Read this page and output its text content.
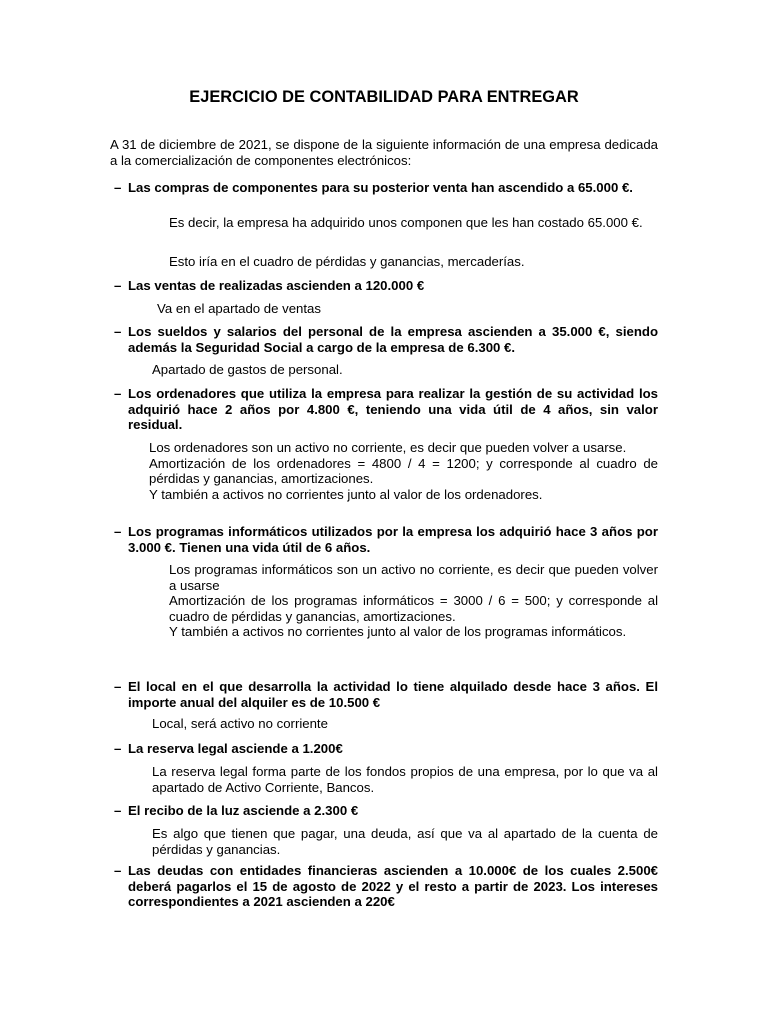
EJERCICIO DE CONTABILIDAD PARA ENTREGAR
A 31 de diciembre de 2021, se dispone de la siguiente información de una empresa dedicada a la comercialización de componentes electrónicos:
– Las compras de componentes para su posterior venta han ascendido a 65.000 €.

Es decir, la empresa ha adquirido unos componen que les han costado 65.000 €.

Esto iría en el cuadro de pérdidas y ganancias, mercaderías.

– Las ventas de realizadas ascienden a 120.000 €

Va en el apartado de ventas

– Los sueldos y salarios del personal de la empresa ascienden a 35.000 €, siendo además la Seguridad Social a cargo de la empresa de 6.300 €.

Apartado de gastos de personal.

– Los ordenadores que utiliza la empresa para realizar la gestión de su actividad los adquirió hace 2 años por 4.800 €, teniendo una vida útil de 4 años, sin valor residual.

Los ordenadores son un activo no corriente, es decir que pueden volver a usarse.

Amortización de los ordenadores = 4800 / 4 = 1200; y corresponde al cuadro de pérdidas y ganancias, amortizaciones.

Y también a activos no corrientes junto al valor de los ordenadores.

– Los programas informáticos utilizados por la empresa los adquirió hace 3 años por 3.000 €. Tienen una vida útil de 6 años.

Los programas informáticos son un activo no corriente, es decir que pueden volver a usarse

Amortización de los programas informáticos = 3000 / 6 = 500; y corresponde al cuadro de pérdidas y ganancias, amortizaciones.

Y también a activos no corrientes junto al valor de los programas informáticos.

– El local en el que desarrolla la actividad lo tiene alquilado desde hace 3 años. El importe anual del alquiler es de 10.500 €

Local, será activo no corriente

– La reserva legal asciende a 1.200€

La reserva legal forma parte de los fondos propios de una empresa, por lo que va al apartado de Activo Corriente, Bancos.

– El recibo de la luz asciende a 2.300 €

Es algo que tienen que pagar, una deuda, así que va al apartado de la cuenta de pérdidas y ganancias.

– Las deudas con entidades financieras ascienden a 10.000€ de los cuales 2.500€ deberá pagarlos el 15 de agosto de 2022 y el resto a partir de 2023. Los intereses correspondientes a 2021 ascienden a 220€
